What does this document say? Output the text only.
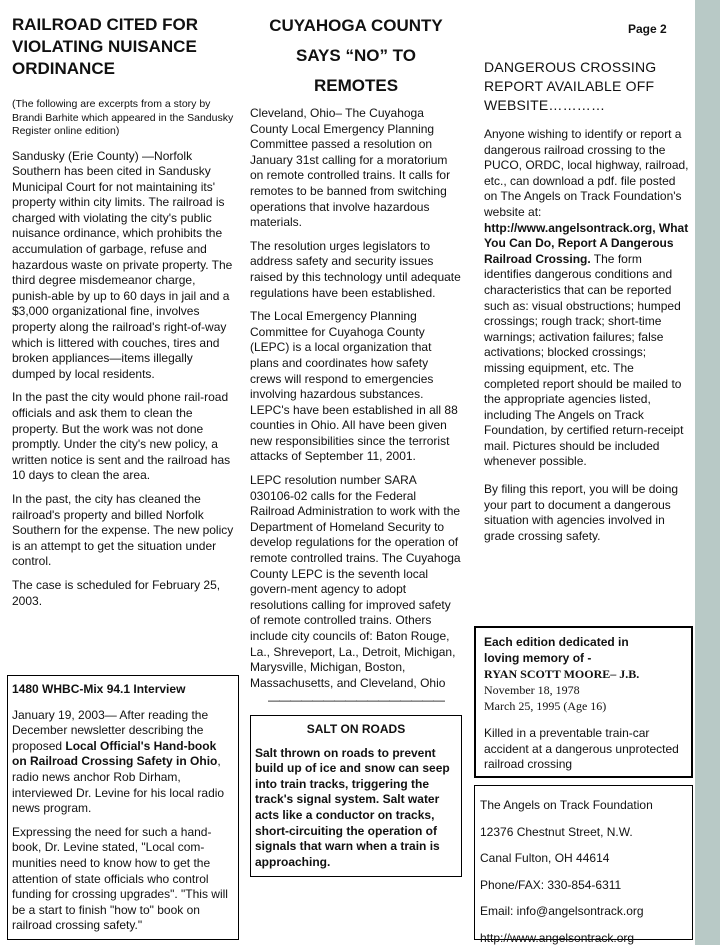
RAILROAD CITED FOR VIOLATING NUISANCE ORDINANCE

(The following are excerpts from a story by Brandi Barhite which appeared in the Sandusky Register online edition)

Sandusky (Erie County) —Norfolk Southern has been cited in Sandusky Municipal Court for not maintaining its' property within city limits. The railroad is charged with violating the city's public nuisance ordinance, which prohibits the accumulation of garbage, refuse and hazardous waste on private property. The third degree misdemeanor charge, punish-able by up to 60 days in jail and a $3,000 organizational fine, involves property along the railroad's right-of-way which is littered with couches, tires and broken appliances—items illegally dumped by local residents.

In the past the city would phone rail-road officials and ask them to clean the property. But the work was not done promptly. Under the city's new policy, a written notice is sent and the railroad has 10 days to clean the area.

In the past, the city has cleaned the railroad's property and billed Norfolk Southern for the expense. The new policy is an attempt to get the situation under control.

The case is scheduled for February 25, 2003.

1480 WHBC-Mix 94.1 Interview

January 19, 2003— After reading the December newsletter describing the proposed Local Official's Hand-book on Railroad Crossing Safety in Ohio, radio news anchor Rob Dirham, interviewed Dr. Levine for his local radio news program.

Expressing the need for such a hand-book, Dr. Levine stated, "Local com-munities need to know how to get the attention of state officials who control funding for crossing upgrades". "This will be a start to finish "how to" book on railroad crossing safety."

CUYAHOGA COUNTY
SAYS “NO” TO
REMOTES

Cleveland, Ohio– The Cuyahoga County Local Emergency Planning Committee passed a resolution on January 31st calling for a moratorium on remote controlled trains. It calls for remotes to be banned from switching operations that involve hazardous materials.

The resolution urges legislators to address safety and security issues raised by this technology until adequate regulations have been established.

The Local Emergency Planning Committee for Cuyahoga County (LEPC) is a local organization that plans and coordinates how safety crews will respond to emergencies involving hazardous substances. LEPC's have been established in all 88 counties in Ohio. All have been given new responsibilities since the terrorist attacks of September 11, 2001.

LEPC resolution number SARA 030106-02 calls for the Federal Railroad Administration to work with the Department of Homeland Security to develop regulations for the operation of remote controlled trains. The Cuyahoga County LEPC is the seventh local govern-ment agency to adopt resolutions calling for improved safety of remote controlled trains. Others include city councils of: Baton Rouge, La., Shreveport, La., Detroit, Michigan, Marysville, Michigan, Boston, Massachusetts, and Cleveland, Ohio

————————————————

SALT ON ROADS

Salt thrown on roads to prevent build up of ice and snow can seep into train tracks, triggering the track's signal system. Salt water acts like a conductor on tracks, short-circuiting the operation of signals that warn when a train is approaching.

Page 2
DANGEROUS CROSSING REPORT AVAILABLE OFF WEBSITE…………

Anyone wishing to identify or report a dangerous railroad crossing to the PUCO, ORDC, local highway, railroad, etc., can download a pdf. file posted on The Angels on Track Foundation's website at: http://www.angelsontrack.org, What You Can Do, Report A Dangerous Railroad Crossing. The form identifies dangerous conditions and characteristics that can be reported such as: visual obstructions; humped crossings; rough track; short-time warnings; activation failures; false activations; blocked crossings; missing equipment, etc. The completed report should be mailed to the appropriate agencies listed, including The Angels on Track Foundation, by certified return-receipt mail. Pictures should be included whenever possible.

By filing this report, you will be doing your part to document a dangerous situation with agencies involved in grade crossing safety.

Each edition dedicated in

loving memory of -

RYAN SCOTT MOORE– J.B.

November 18, 1978

March 25, 1995 (Age 16)

Killed in a preventable train-car accident at a dangerous unprotected railroad crossing

The Angels on Track Foundation

12376 Chestnut Street, N.W.

Canal Fulton, OH 44614

Phone/FAX: 330-854-6311

Email: info@angelsontrack.org

http://www.angelsontrack.org
